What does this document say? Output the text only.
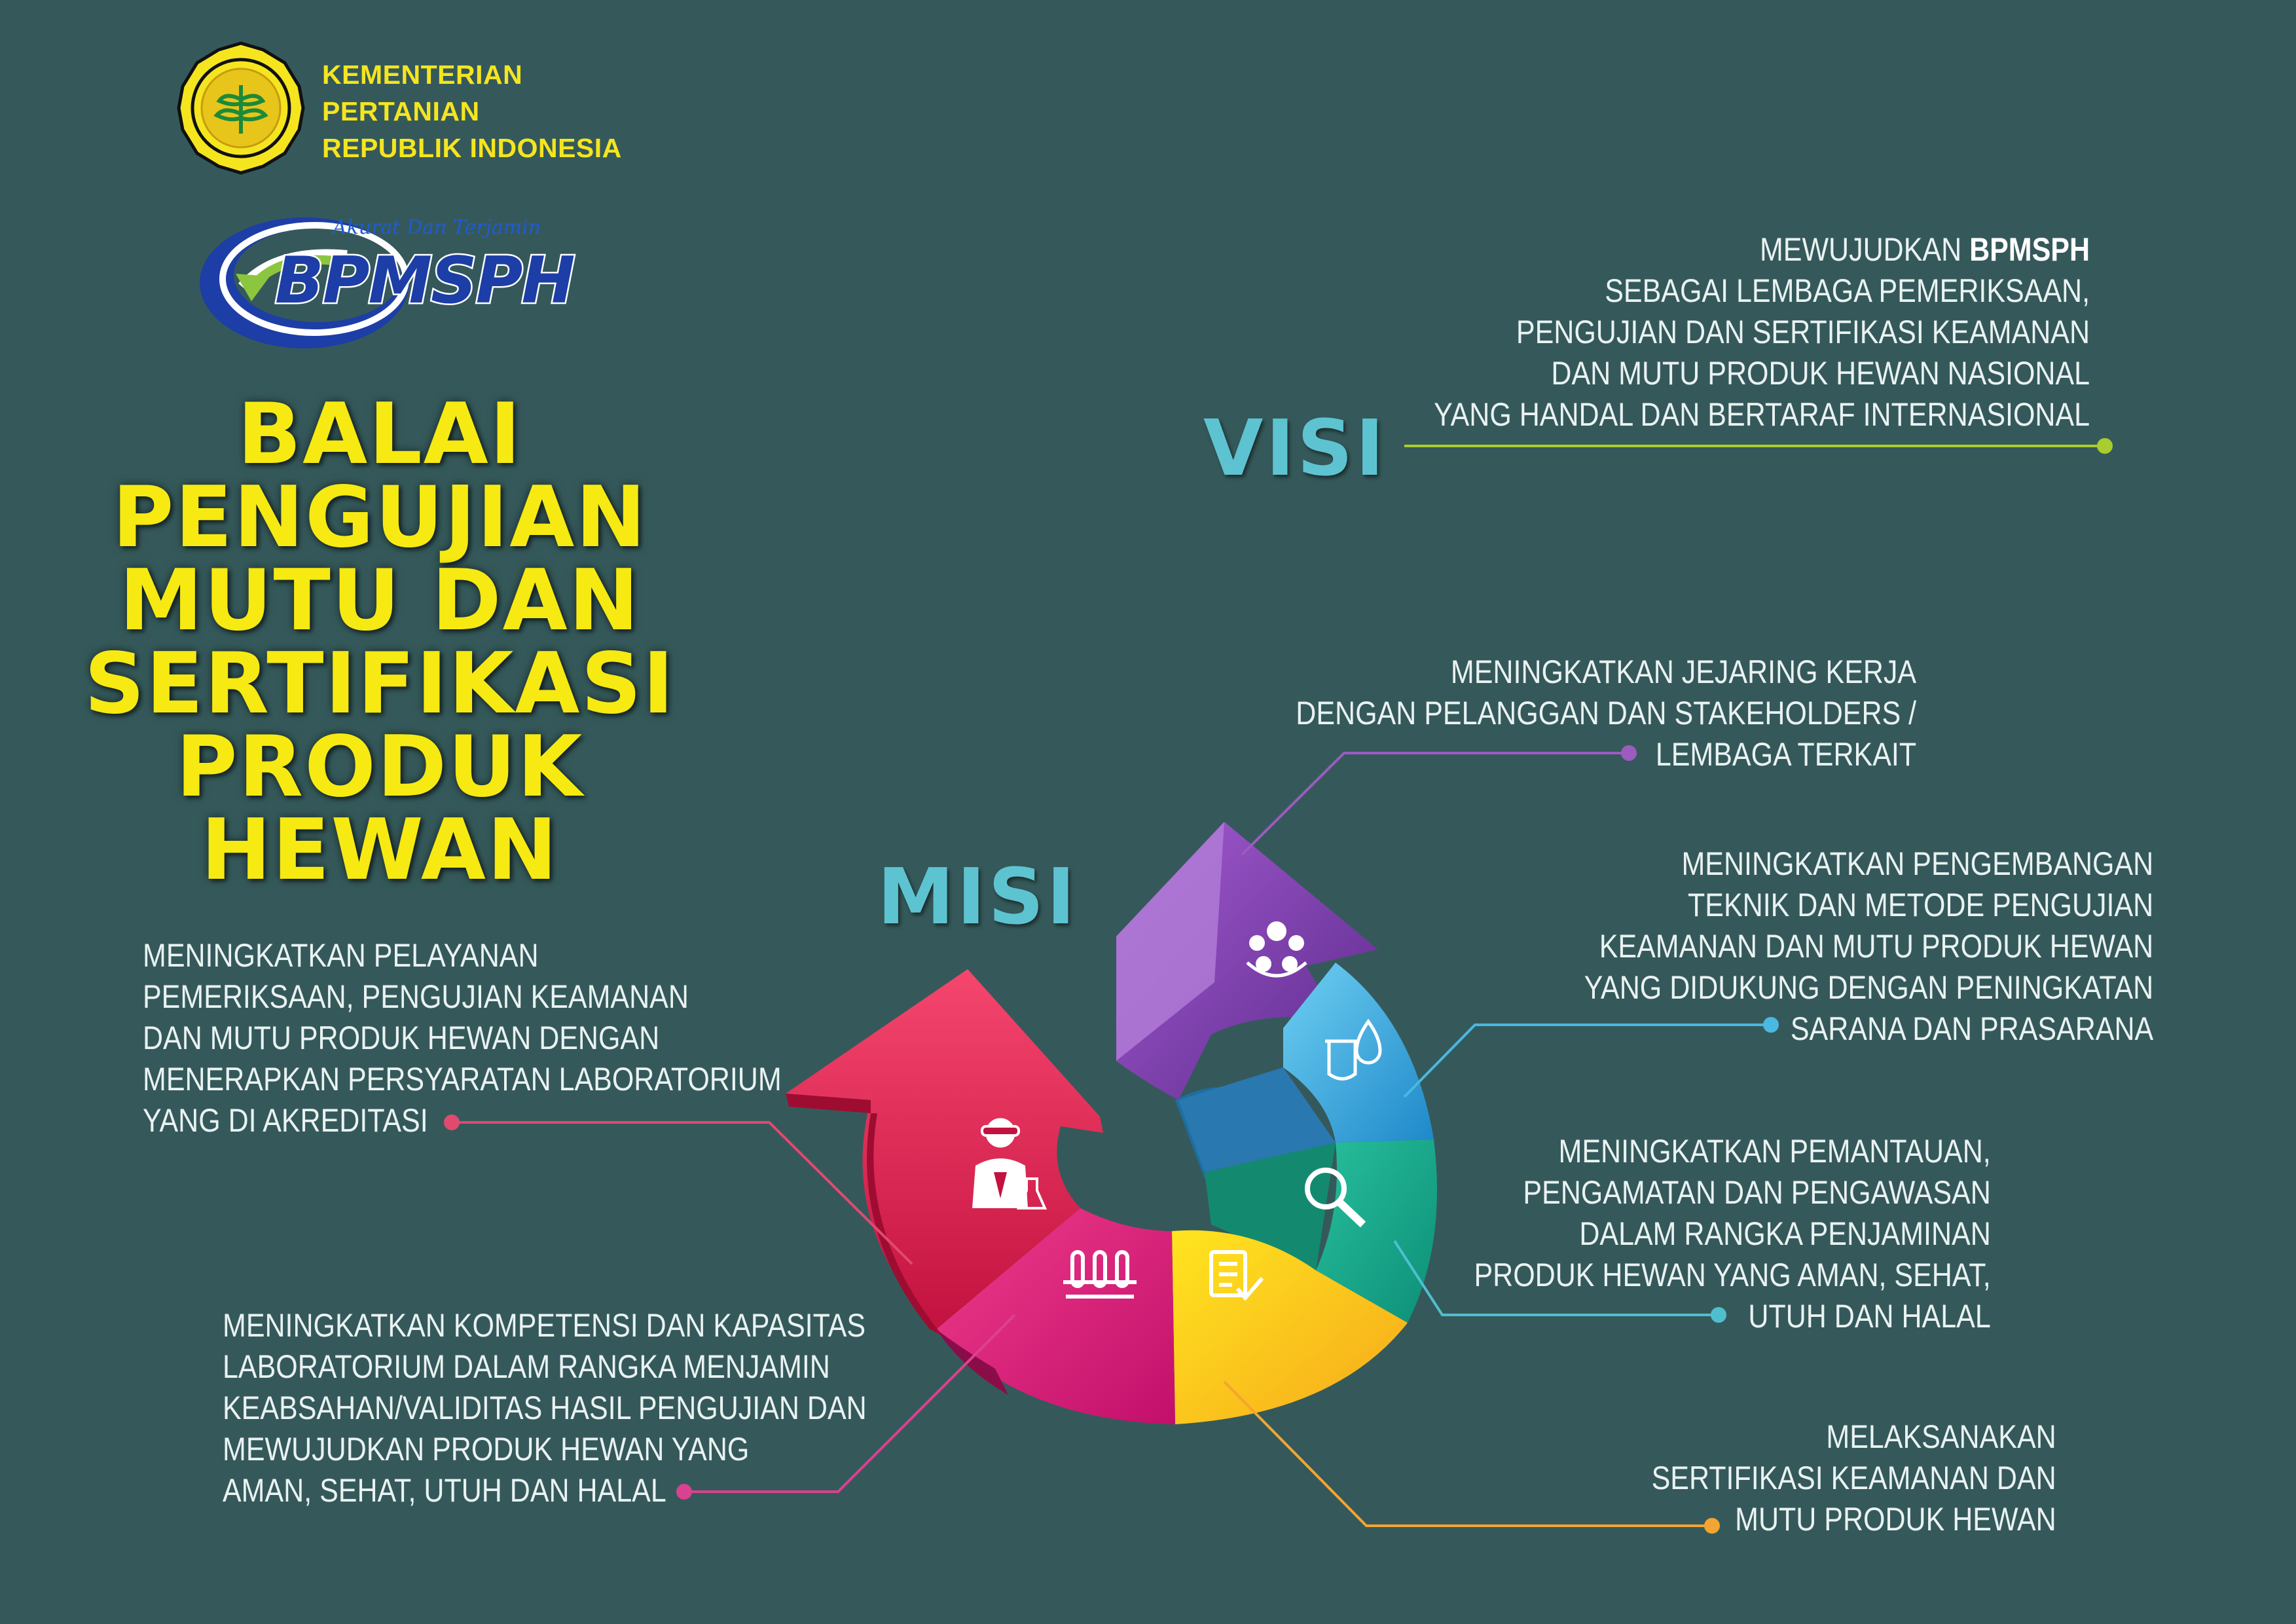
KEMENTERIAN
PERTANIAN
REPUBLIK INDONESIA
Akurat Dan Terjamin
BPMSPH
BALAI
PENGUJIAN
MUTU DAN
SERTIFIKASI
PRODUK
HEWAN
VISI
MEWUJUDKAN BPMSPH
SEBAGAI LEMBAGA PEMERIKSAAN,
PENGUJIAN DAN SERTIFIKASI KEAMANAN
DAN MUTU PRODUK HEWAN NASIONAL
YANG HANDAL DAN BERTARAF INTERNASIONAL
MISI
MENINGKATKAN PELAYANAN
PEMERIKSAAN, PENGUJIAN KEAMANAN
DAN MUTU PRODUK HEWAN DENGAN
MENERAPKAN PERSYARATAN LABORATORIUM
YANG DI AKREDITASI
MENINGKATKAN KOMPETENSI DAN KAPASITAS
LABORATORIUM DALAM RANGKA MENJAMIN
KEABSAHAN/VALIDITAS HASIL PENGUJIAN DAN
MEWUJUDKAN PRODUK HEWAN YANG
AMAN, SEHAT, UTUH DAN HALAL
MENINGKATKAN JEJARING KERJA
DENGAN PELANGGAN DAN STAKEHOLDERS /
LEMBAGA TERKAIT
MENINGKATKAN PENGEMBANGAN
TEKNIK DAN METODE PENGUJIAN
KEAMANAN DAN MUTU PRODUK HEWAN
YANG DIDUKUNG DENGAN PENINGKATAN
SARANA DAN PRASARANA
MENINGKATKAN PEMANTAUAN,
PENGAMATAN DAN PENGAWASAN
DALAM RANGKA PENJAMINAN
PRODUK HEWAN YANG AMAN, SEHAT,
UTUH DAN HALAL
MELAKSANAKAN
SERTIFIKASI KEAMANAN DAN
MUTU PRODUK HEWAN
